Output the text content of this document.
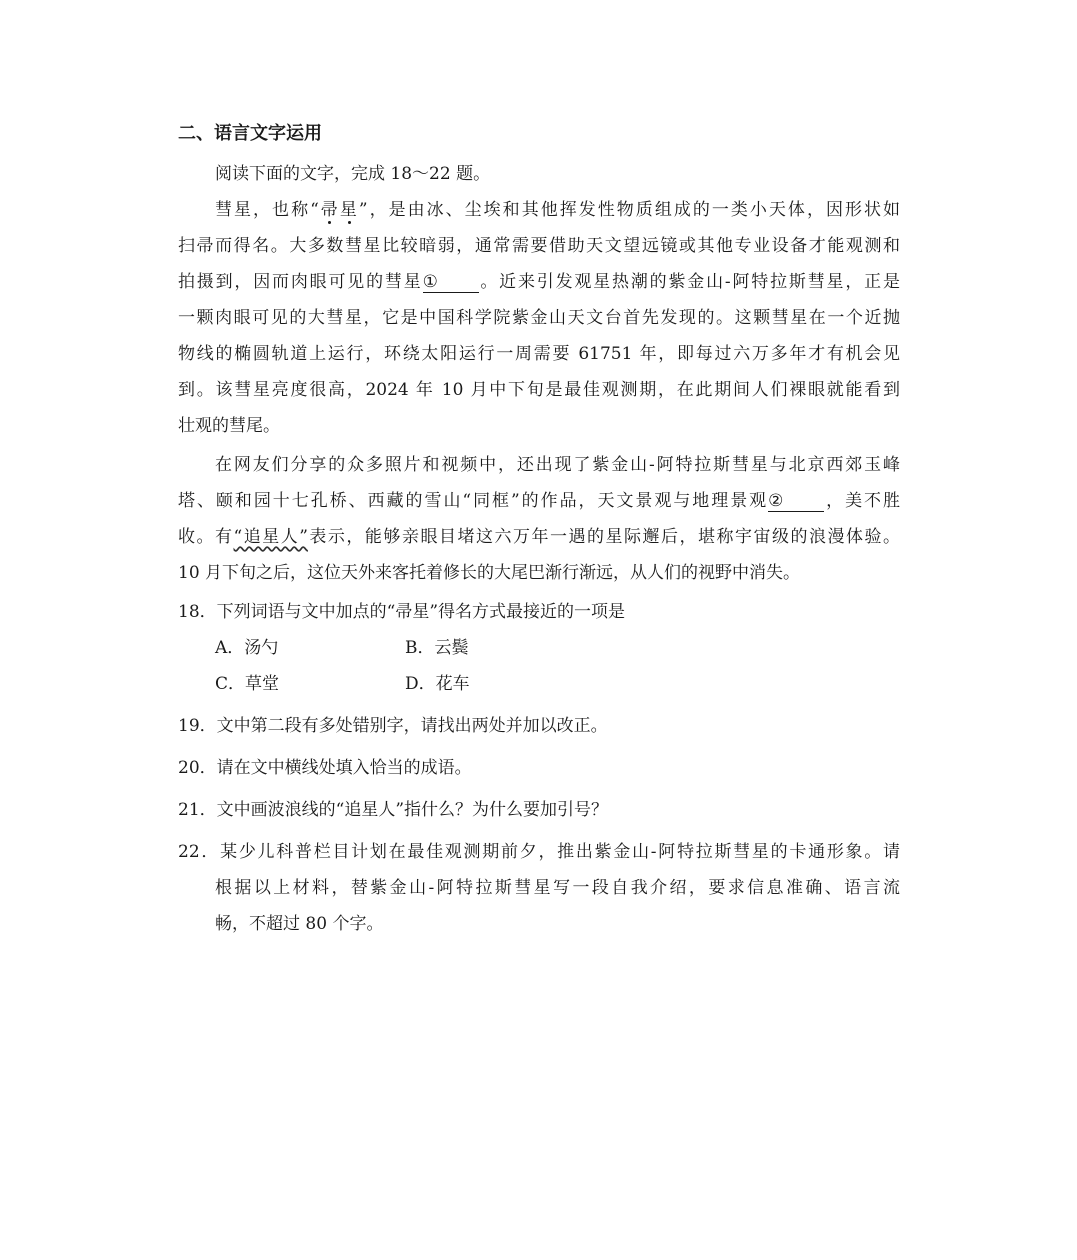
二、语言文字运用
阅读下面的文字，完成 18～22 题。
彗星，也称“帚星”，是由冰、尘埃和其他挥发性物质组成的一类小天体，因形状如
扫帚而得名。大多数彗星比较暗弱，通常需要借助天文望远镜或其他专业设备才能观测和
拍摄到，因而肉眼可见的彗星① 。近来引发观星热潮的紫金山-阿特拉斯彗星，正是
一颗肉眼可见的大彗星，它是中国科学院紫金山天文台首先发现的。这颗彗星在一个近抛
物线的椭圆轨道上运行，环绕太阳运行一周需要 61751 年，即每过六万多年才有机会见
到。该彗星亮度很高，2024 年 10 月中下旬是最佳观测期，在此期间人们裸眼就能看到
壮观的彗尾。
在网友们分享的众多照片和视频中，还出现了紫金山-阿特拉斯彗星与北京西郊玉峰
塔、颐和园十七孔桥、西藏的雪山“同框”的作品，天文景观与地理景观② ，美不胜
收。有“追星人”表示，能够亲眼目堵这六万年一遇的星际邂后，堪称宇宙级的浪漫体验。
10 月下旬之后，这位天外来客托着修长的大尾巴渐行渐远，从人们的视野中消失。
18．下列词语与文中加点的“帚星”得名方式最接近的一项是
A．汤勺	B．云鬓
C．草堂	D．花车
19．文中第二段有多处错别字，请找出两处并加以改正。
20．请在文中横线处填入恰当的成语。
21．文中画波浪线的“追星人”指什么？为什么要加引号？
22．某少儿科普栏目计划在最佳观测期前夕，推出紫金山-阿特拉斯彗星的卡通形象。请
根据以上材料，替紫金山-阿特拉斯彗星写一段自我介绍，要求信息准确、语言流
畅，不超过 80 个字。
